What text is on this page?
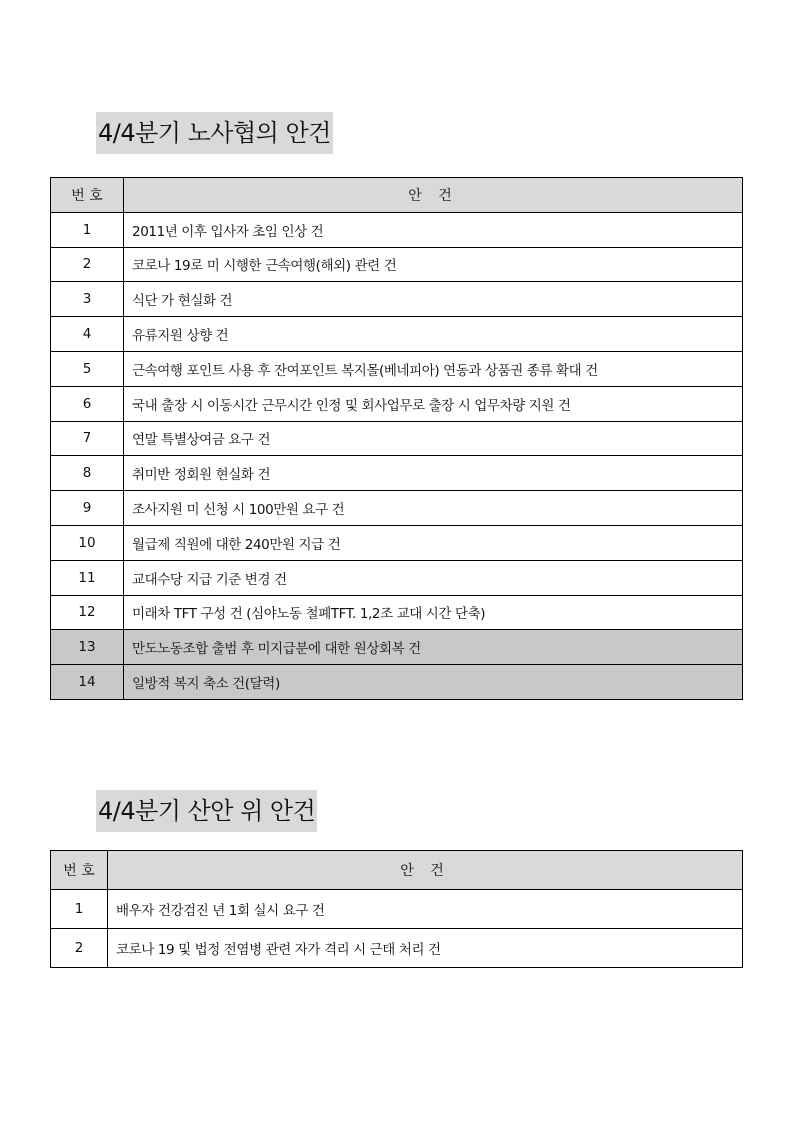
4/4분기 노사협의 안건
번 호	안 건
1	2011년 이후 입사자 초임 인상 건
2	코로나 19로 미 시행한 근속여행(해외) 관련 건
3	식단 가 현실화 건
4	유류지원 상향 건
5	근속여행 포인트 사용 후 잔여포인트 복지몰(베네피아) 연동과 상품권 종류 확대 건
6	국내 출장 시 이동시간 근무시간 인정 및 회사업무로 출장 시 업무차량 지원 건
7	연말 특별상여금 요구 건
8	취미반 정회원 현실화 건
9	조사지원 미 신청 시 100만원 요구 건
10	월급제 직원에 대한 240만원 지급 건
11	교대수당 지급 기준 변경 건
12	미래차 TFT 구성 건 (심야노동 철폐TFT. 1,2조 교대 시간 단축)
13	만도노동조합 출범 후 미지급분에 대한 원상회복 건
14	일방적 복지 축소 건(달력)
4/4분기 산안 위 안건
번 호	안 건
1	배우자 건강검진 년 1회 실시 요구 건
2	코로나 19 및 법정 전염병 관련 자가 격리 시 근태 처리 건
